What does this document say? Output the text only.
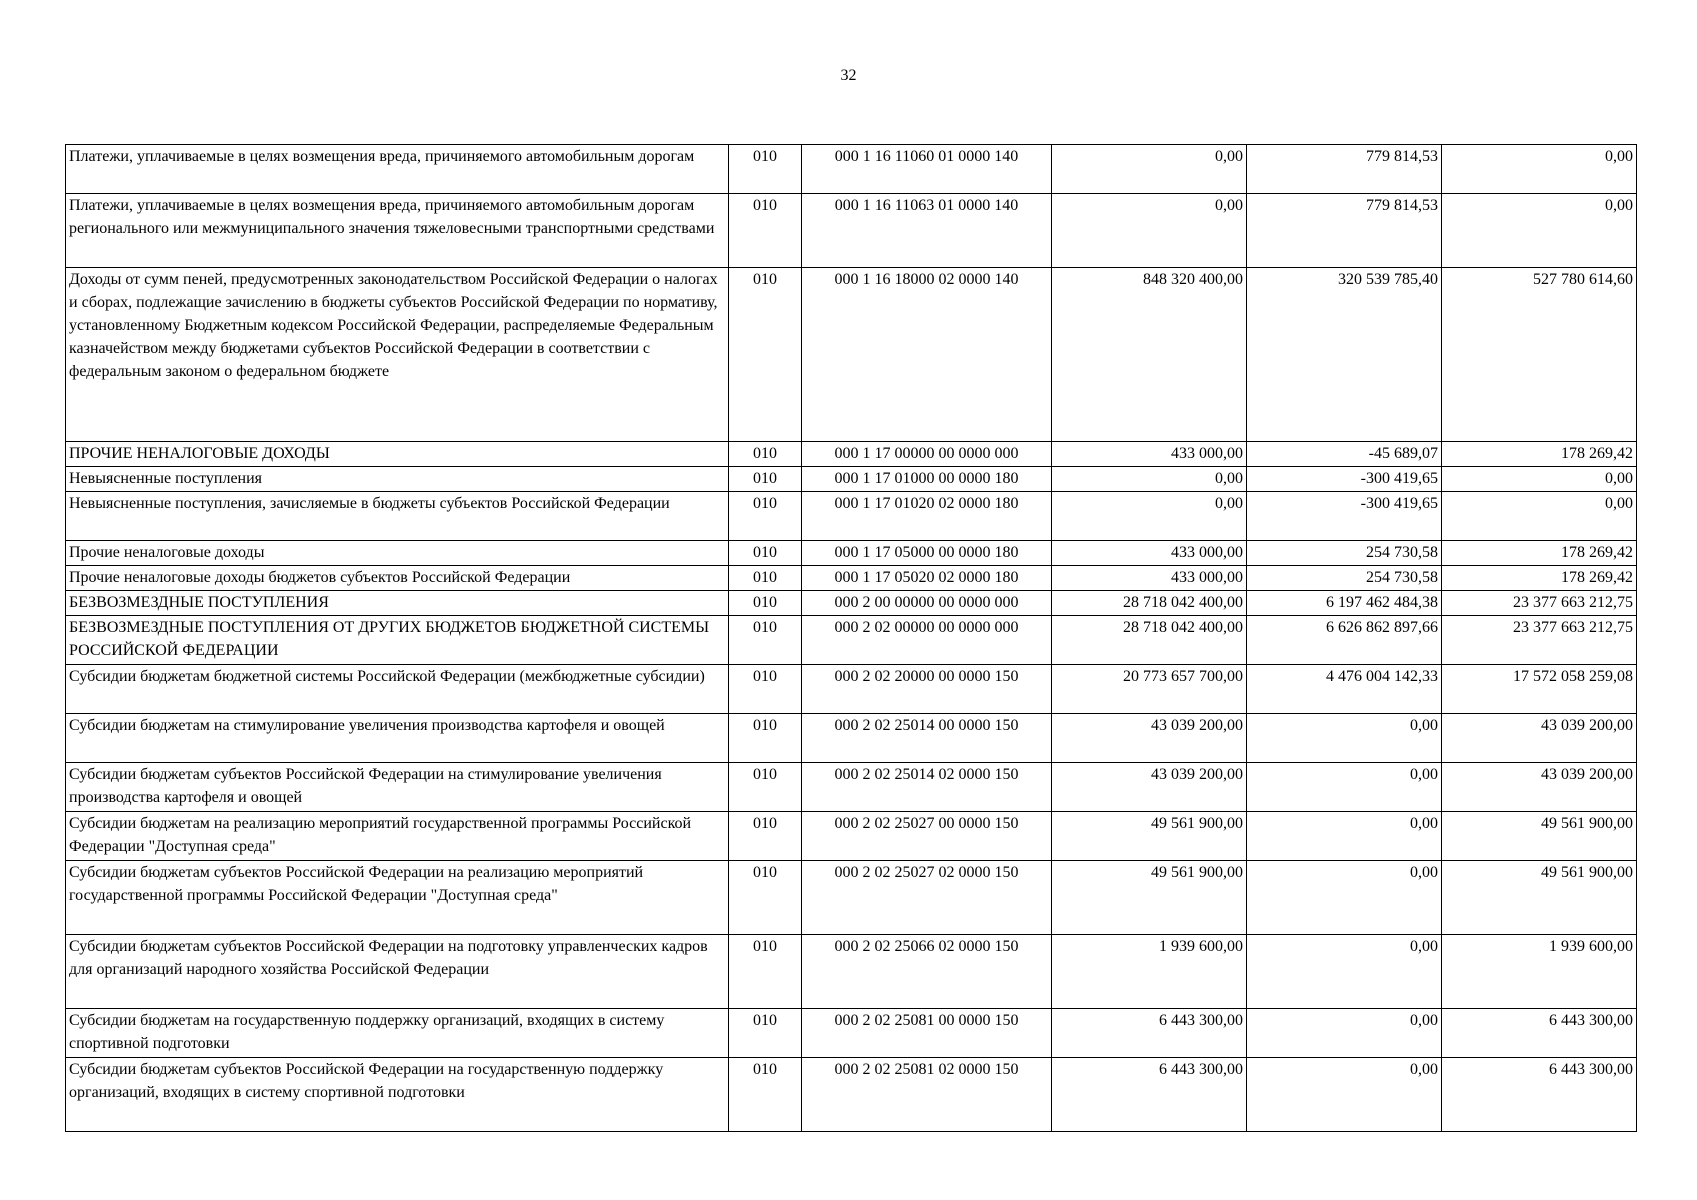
32
Платежи, уплачиваемые в целях возмещения вреда, причиняемого автомобильным дорогам	010	000 1 16 11060 01 0000 140	0,00	779 814,53	0,00
Платежи, уплачиваемые в целях возмещения вреда, причиняемого автомобильным дорогам регионального или межмуниципального значения тяжеловесными транспортными средствами	010	000 1 16 11063 01 0000 140	0,00	779 814,53	0,00
Доходы от сумм пеней, предусмотренных законодательством Российской Федерации о налогах и сборах, подлежащие зачислению в бюджеты субъектов Российской Федерации по нормативу, установленному Бюджетным кодексом Российской Федерации, распределяемые Федеральным казначейством между бюджетами субъектов Российской Федерации в соответствии с федеральным законом о федеральном бюджете	010	000 1 16 18000 02 0000 140	848 320 400,00	320 539 785,40	527 780 614,60
ПРОЧИЕ НЕНАЛОГОВЫЕ ДОХОДЫ	010	000 1 17 00000 00 0000 000	433 000,00	-45 689,07	178 269,42
Невыясненные поступления	010	000 1 17 01000 00 0000 180	0,00	-300 419,65	0,00
Невыясненные поступления, зачисляемые в бюджеты субъектов Российской Федерации	010	000 1 17 01020 02 0000 180	0,00	-300 419,65	0,00
Прочие неналоговые доходы	010	000 1 17 05000 00 0000 180	433 000,00	254 730,58	178 269,42
Прочие неналоговые доходы бюджетов субъектов Российской Федерации	010	000 1 17 05020 02 0000 180	433 000,00	254 730,58	178 269,42
БЕЗВОЗМЕЗДНЫЕ ПОСТУПЛЕНИЯ	010	000 2 00 00000 00 0000 000	28 718 042 400,00	6 197 462 484,38	23 377 663 212,75
БЕЗВОЗМЕЗДНЫЕ ПОСТУПЛЕНИЯ ОТ ДРУГИХ БЮДЖЕТОВ БЮДЖЕТНОЙ СИСТЕМЫ РОССИЙСКОЙ ФЕДЕРАЦИИ	010	000 2 02 00000 00 0000 000	28 718 042 400,00	6 626 862 897,66	23 377 663 212,75
Субсидии бюджетам бюджетной системы Российской Федерации (межбюджетные субсидии)	010	000 2 02 20000 00 0000 150	20 773 657 700,00	4 476 004 142,33	17 572 058 259,08
Субсидии бюджетам на стимулирование увеличения производства картофеля и овощей	010	000 2 02 25014 00 0000 150	43 039 200,00	0,00	43 039 200,00
Субсидии бюджетам субъектов Российской Федерации на стимулирование увеличения производства картофеля и овощей	010	000 2 02 25014 02 0000 150	43 039 200,00	0,00	43 039 200,00
Субсидии бюджетам на реализацию мероприятий государственной программы Российской Федерации "Доступная среда"	010	000 2 02 25027 00 0000 150	49 561 900,00	0,00	49 561 900,00
Субсидии бюджетам субъектов Российской Федерации на реализацию мероприятий государственной программы Российской Федерации "Доступная среда"	010	000 2 02 25027 02 0000 150	49 561 900,00	0,00	49 561 900,00
Субсидии бюджетам субъектов Российской Федерации на подготовку управленческих кадров для организаций народного хозяйства Российской Федерации	010	000 2 02 25066 02 0000 150	1 939 600,00	0,00	1 939 600,00
Субсидии бюджетам на государственную поддержку организаций, входящих в систему спортивной подготовки	010	000 2 02 25081 00 0000 150	6 443 300,00	0,00	6 443 300,00
Субсидии бюджетам субъектов Российской Федерации на государственную поддержку организаций, входящих в систему спортивной подготовки	010	000 2 02 25081 02 0000 150	6 443 300,00	0,00	6 443 300,00
